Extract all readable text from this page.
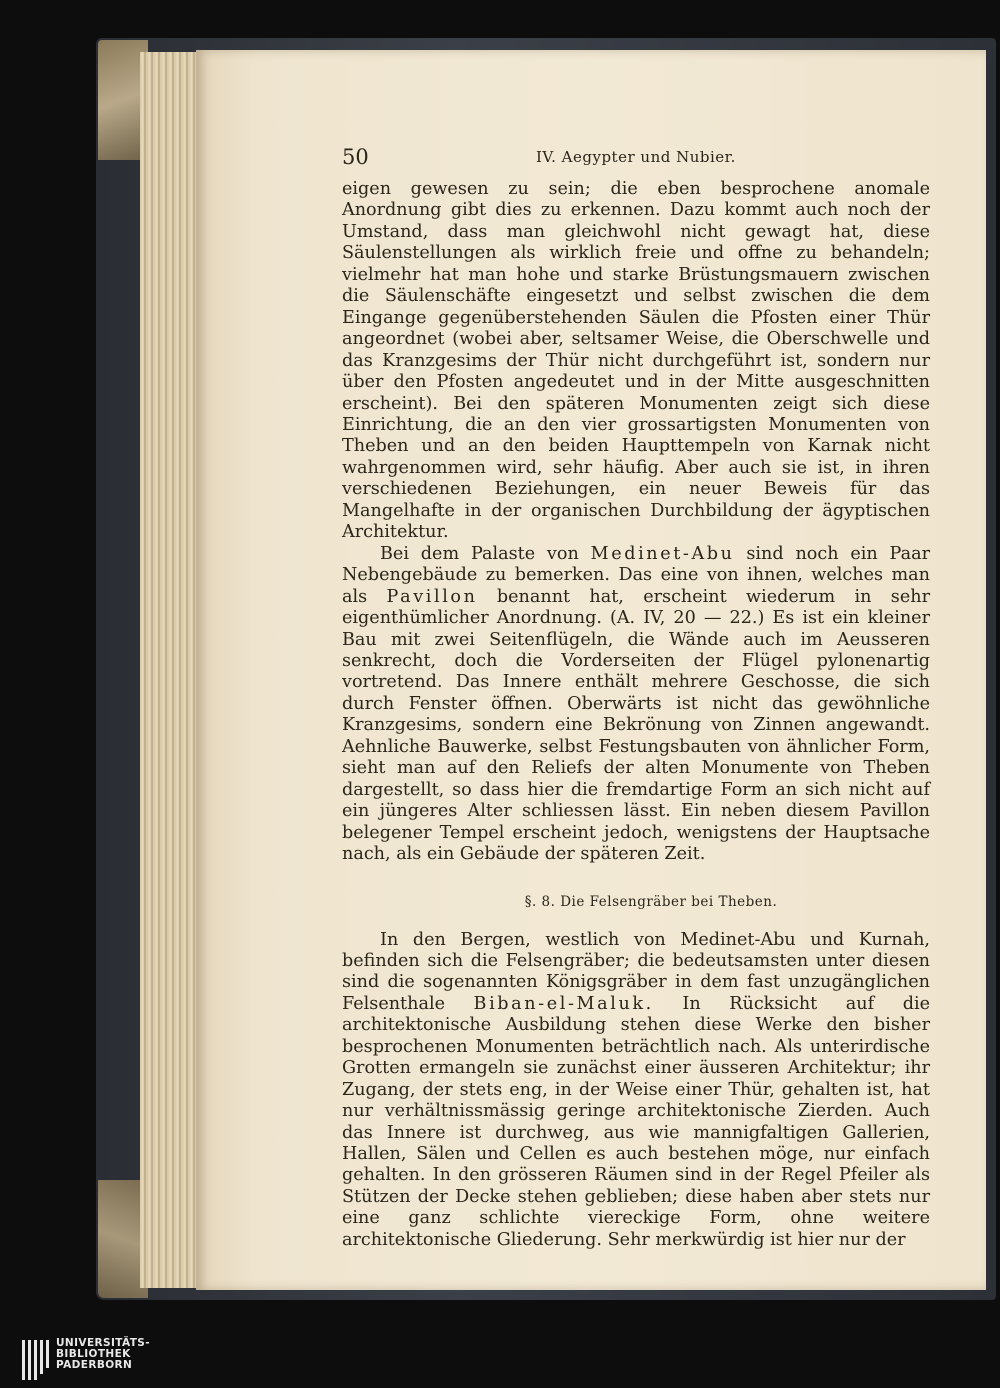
50	IV. Aegypter und Nubier.

eigen gewesen zu sein; die eben besprochene anomale Anordnung gibt dies zu erkennen. Dazu kommt auch noch der Umstand, dass man gleichwohl nicht gewagt hat, diese Säulenstellungen als wirklich freie und offne zu behandeln; vielmehr hat man hohe und starke Brüstungsmauern zwischen die Säulenschäfte eingesetzt und selbst zwischen die dem Eingange gegenüberstehenden Säulen die Pfosten einer Thür angeordnet (wobei aber, seltsamer Weise, die Oberschwelle und das Kranzgesims der Thür nicht durchgeführt ist, sondern nur über den Pfosten angedeutet und in der Mitte ausgeschnitten erscheint). Bei den späteren Monumenten zeigt sich diese Einrichtung, die an den vier grossartigsten Monumenten von Theben und an den beiden Haupttempeln von Karnak nicht wahrgenommen wird, sehr häufig. Aber auch sie ist, in ihren verschiedenen Beziehungen, ein neuer Beweis für das Mangelhafte in der organischen Durchbildung der ägyptischen Architektur.

Bei dem Palaste von Medinet-Abu sind noch ein Paar Nebengebäude zu bemerken. Das eine von ihnen, welches man als Pavillon benannt hat, erscheint wiederum in sehr eigenthümlicher Anordnung. (A. IV, 20 — 22.) Es ist ein kleiner Bau mit zwei Seitenflügeln, die Wände auch im Aeusseren senkrecht, doch die Vorderseiten der Flügel pylonenartig vortretend. Das Innere enthält mehrere Geschosse, die sich durch Fenster öffnen. Oberwärts ist nicht das gewöhnliche Kranzgesims, sondern eine Bekrönung von Zinnen angewandt. Aehnliche Bauwerke, selbst Festungsbauten von ähnlicher Form, sieht man auf den Reliefs der alten Monumente von Theben dargestellt, so dass hier die fremdartige Form an sich nicht auf ein jüngeres Alter schliessen lässt. Ein neben diesem Pavillon belegener Tempel erscheint jedoch, wenigstens der Hauptsache nach, als ein Gebäude der späteren Zeit.

§. 8. Die Felsengräber bei Theben.

In den Bergen, westlich von Medinet-Abu und Kurnah, befinden sich die Felsengräber; die bedeutsamsten unter diesen sind die sogenannten Königsgräber in dem fast unzugänglichen Felsenthale Biban-el-Maluk. In Rücksicht auf die architektonische Ausbildung stehen diese Werke den bisher besprochenen Monumenten beträchtlich nach. Als unterirdische Grotten ermangeln sie zunächst einer äusseren Architektur; ihr Zugang, der stets eng, in der Weise einer Thür, gehalten ist, hat nur verhältnissmässig geringe architektonische Zierden. Auch das Innere ist durchweg, aus wie mannigfaltigen Gallerien, Hallen, Sälen und Cellen es auch bestehen möge, nur einfach gehalten. In den grösseren Räumen sind in der Regel Pfeiler als Stützen der Decke stehen geblieben; diese haben aber stets nur eine ganz schlichte viereckige Form, ohne weitere architektonische Gliederung. Sehr merkwürdig ist hier nur der

UNIVERSITÄTS-
BIBLIOTHEK
PADERBORN
